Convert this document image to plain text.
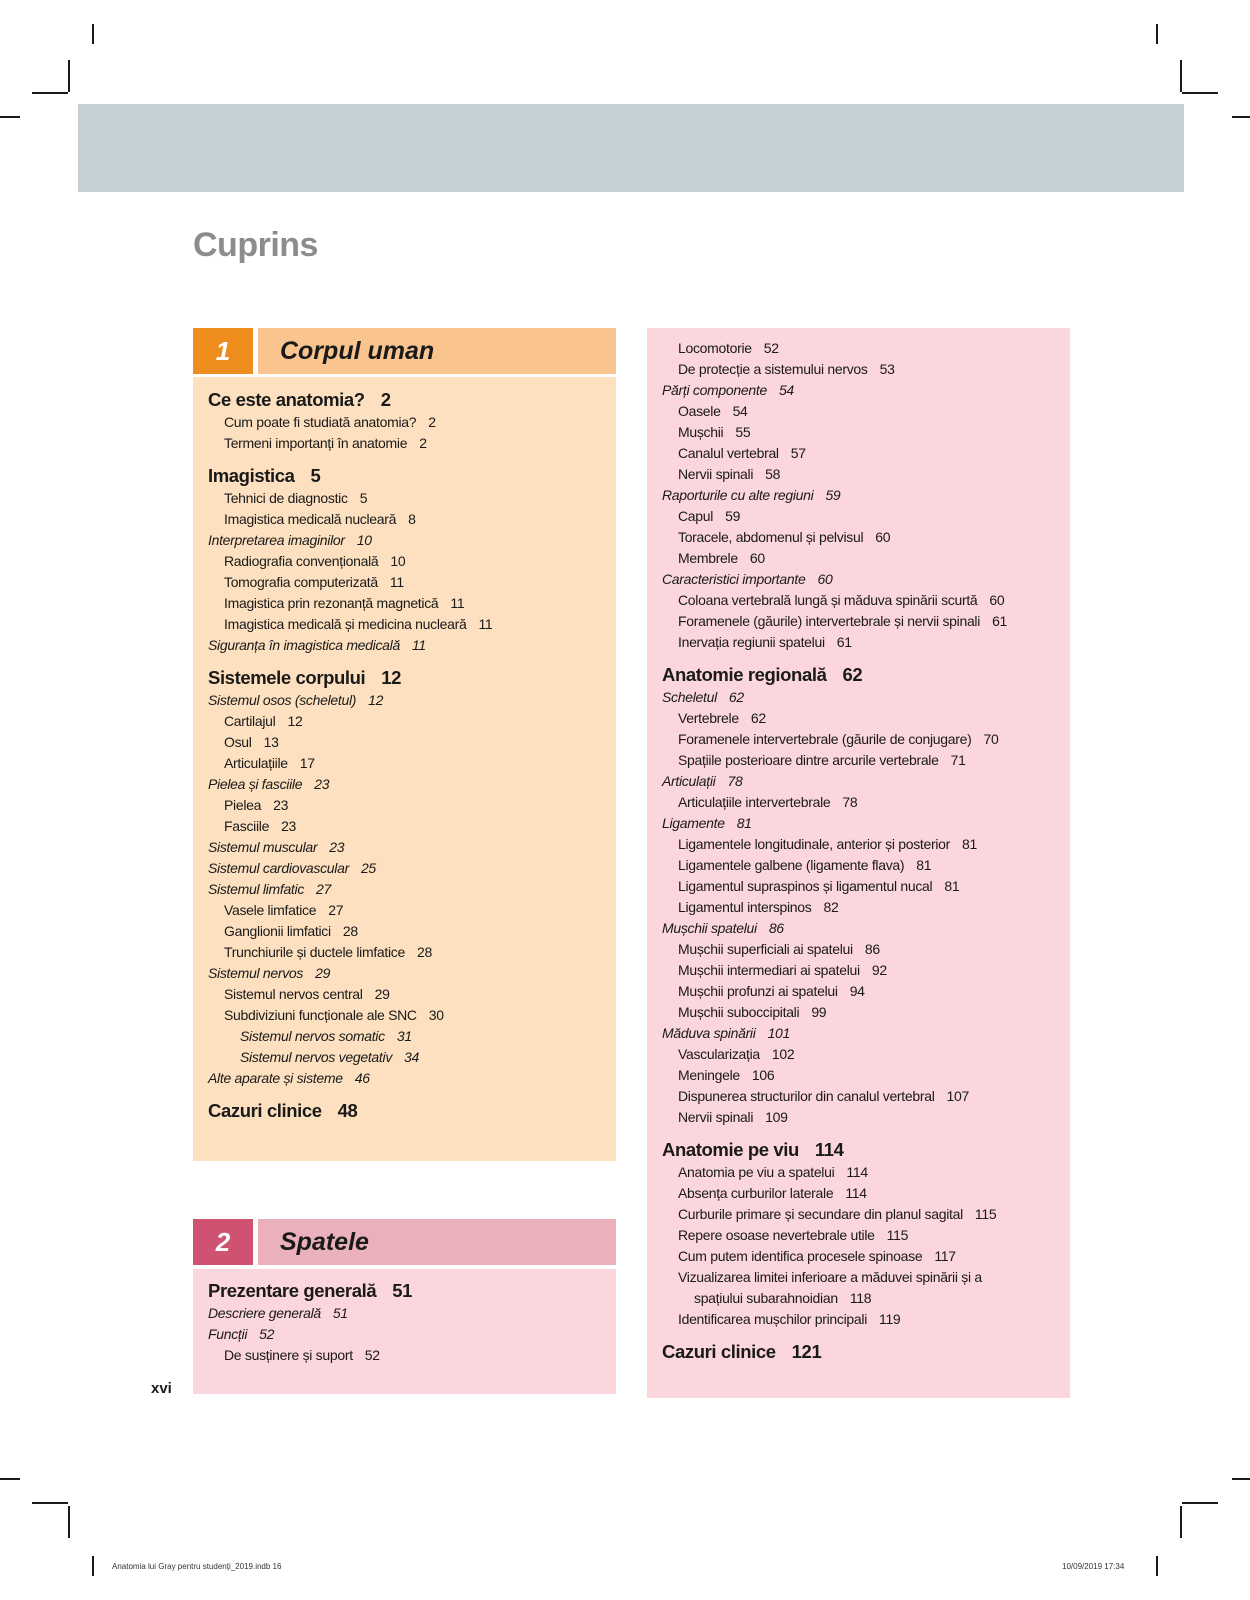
Cuprins
1	Corpul uman
Ce este anatomia? 2
Cum poate fi studiată anatomia? 2
Termeni importanți în anatomie 2
Imagistica 5
Tehnici de diagnostic 5
Imagistica medicală nucleară 8
Interpretarea imaginilor 10
Radiografia convențională 10
Tomografia computerizată 11
Imagistica prin rezonanță magnetică 11
Imagistica medicală și medicina nucleară 11
Siguranța în imagistica medicală 11
Sistemele corpului 12
Sistemul osos (scheletul) 12
Cartilajul 12
Osul 13
Articulațiile 17
Pielea și fasciile 23
Pielea 23
Fasciile 23
Sistemul muscular 23
Sistemul cardiovascular 25
Sistemul limfatic 27
Vasele limfatice 27
Ganglionii limfatici 28
Trunchiurile și ductele limfatice 28
Sistemul nervos 29
Sistemul nervos central 29
Subdiviziuni funcționale ale SNC 30
Sistemul nervos somatic 31
Sistemul nervos vegetativ 34
Alte aparate și sisteme 46
Cazuri clinice 48
2	Spatele
Prezentare generală 51
Descriere generală 51
Funcții 52
De susținere și suport 52
Locomotorie 52
De protecție a sistemului nervos 53
Părți componente 54
Oasele 54
Mușchii 55
Canalul vertebral 57
Nervii spinali 58
Raporturile cu alte regiuni 59
Capul 59
Toracele, abdomenul și pelvisul 60
Membrele 60
Caracteristici importante 60
Coloana vertebrală lungă și măduva spinării scurtă 60
Foramenele (găurile) intervertebrale și nervii spinali 61
Inervația regiunii spatelui 61
Anatomie regională 62
Scheletul 62
Vertebrele 62
Foramenele intervertebrale (găurile de conjugare) 70
Spațiile posterioare dintre arcurile vertebrale 71
Articulații 78
Articulațiile intervertebrale 78
Ligamente 81
Ligamentele longitudinale, anterior și posterior 81
Ligamentele galbene (ligamente flava) 81
Ligamentul supraspinos și ligamentul nucal 81
Ligamentul interspinos 82
Mușchii spatelui 86
Mușchii superficiali ai spatelui 86
Mușchii intermediari ai spatelui 92
Mușchii profunzi ai spatelui 94
Mușchii suboccipitali 99
Măduva spinării 101
Vascularizația 102
Meningele 106
Dispunerea structurilor din canalul vertebral 107
Nervii spinali 109
Anatomie pe viu 114
Anatomia pe viu a spatelui 114
Absența curburilor laterale 114
Curburile primare și secundare din planul sagital 115
Repere osoase nevertebrale utile 115
Cum putem identifica procesele spinoase 117
Vizualizarea limitei inferioare a măduvei spinării și a
spațiului subarahnoidian 118
Identificarea mușchilor principali 119
Cazuri clinice 121
xvi
Anatomia lui Gray pentru studenți_2019.indb 16	10/09/2019 17:34
